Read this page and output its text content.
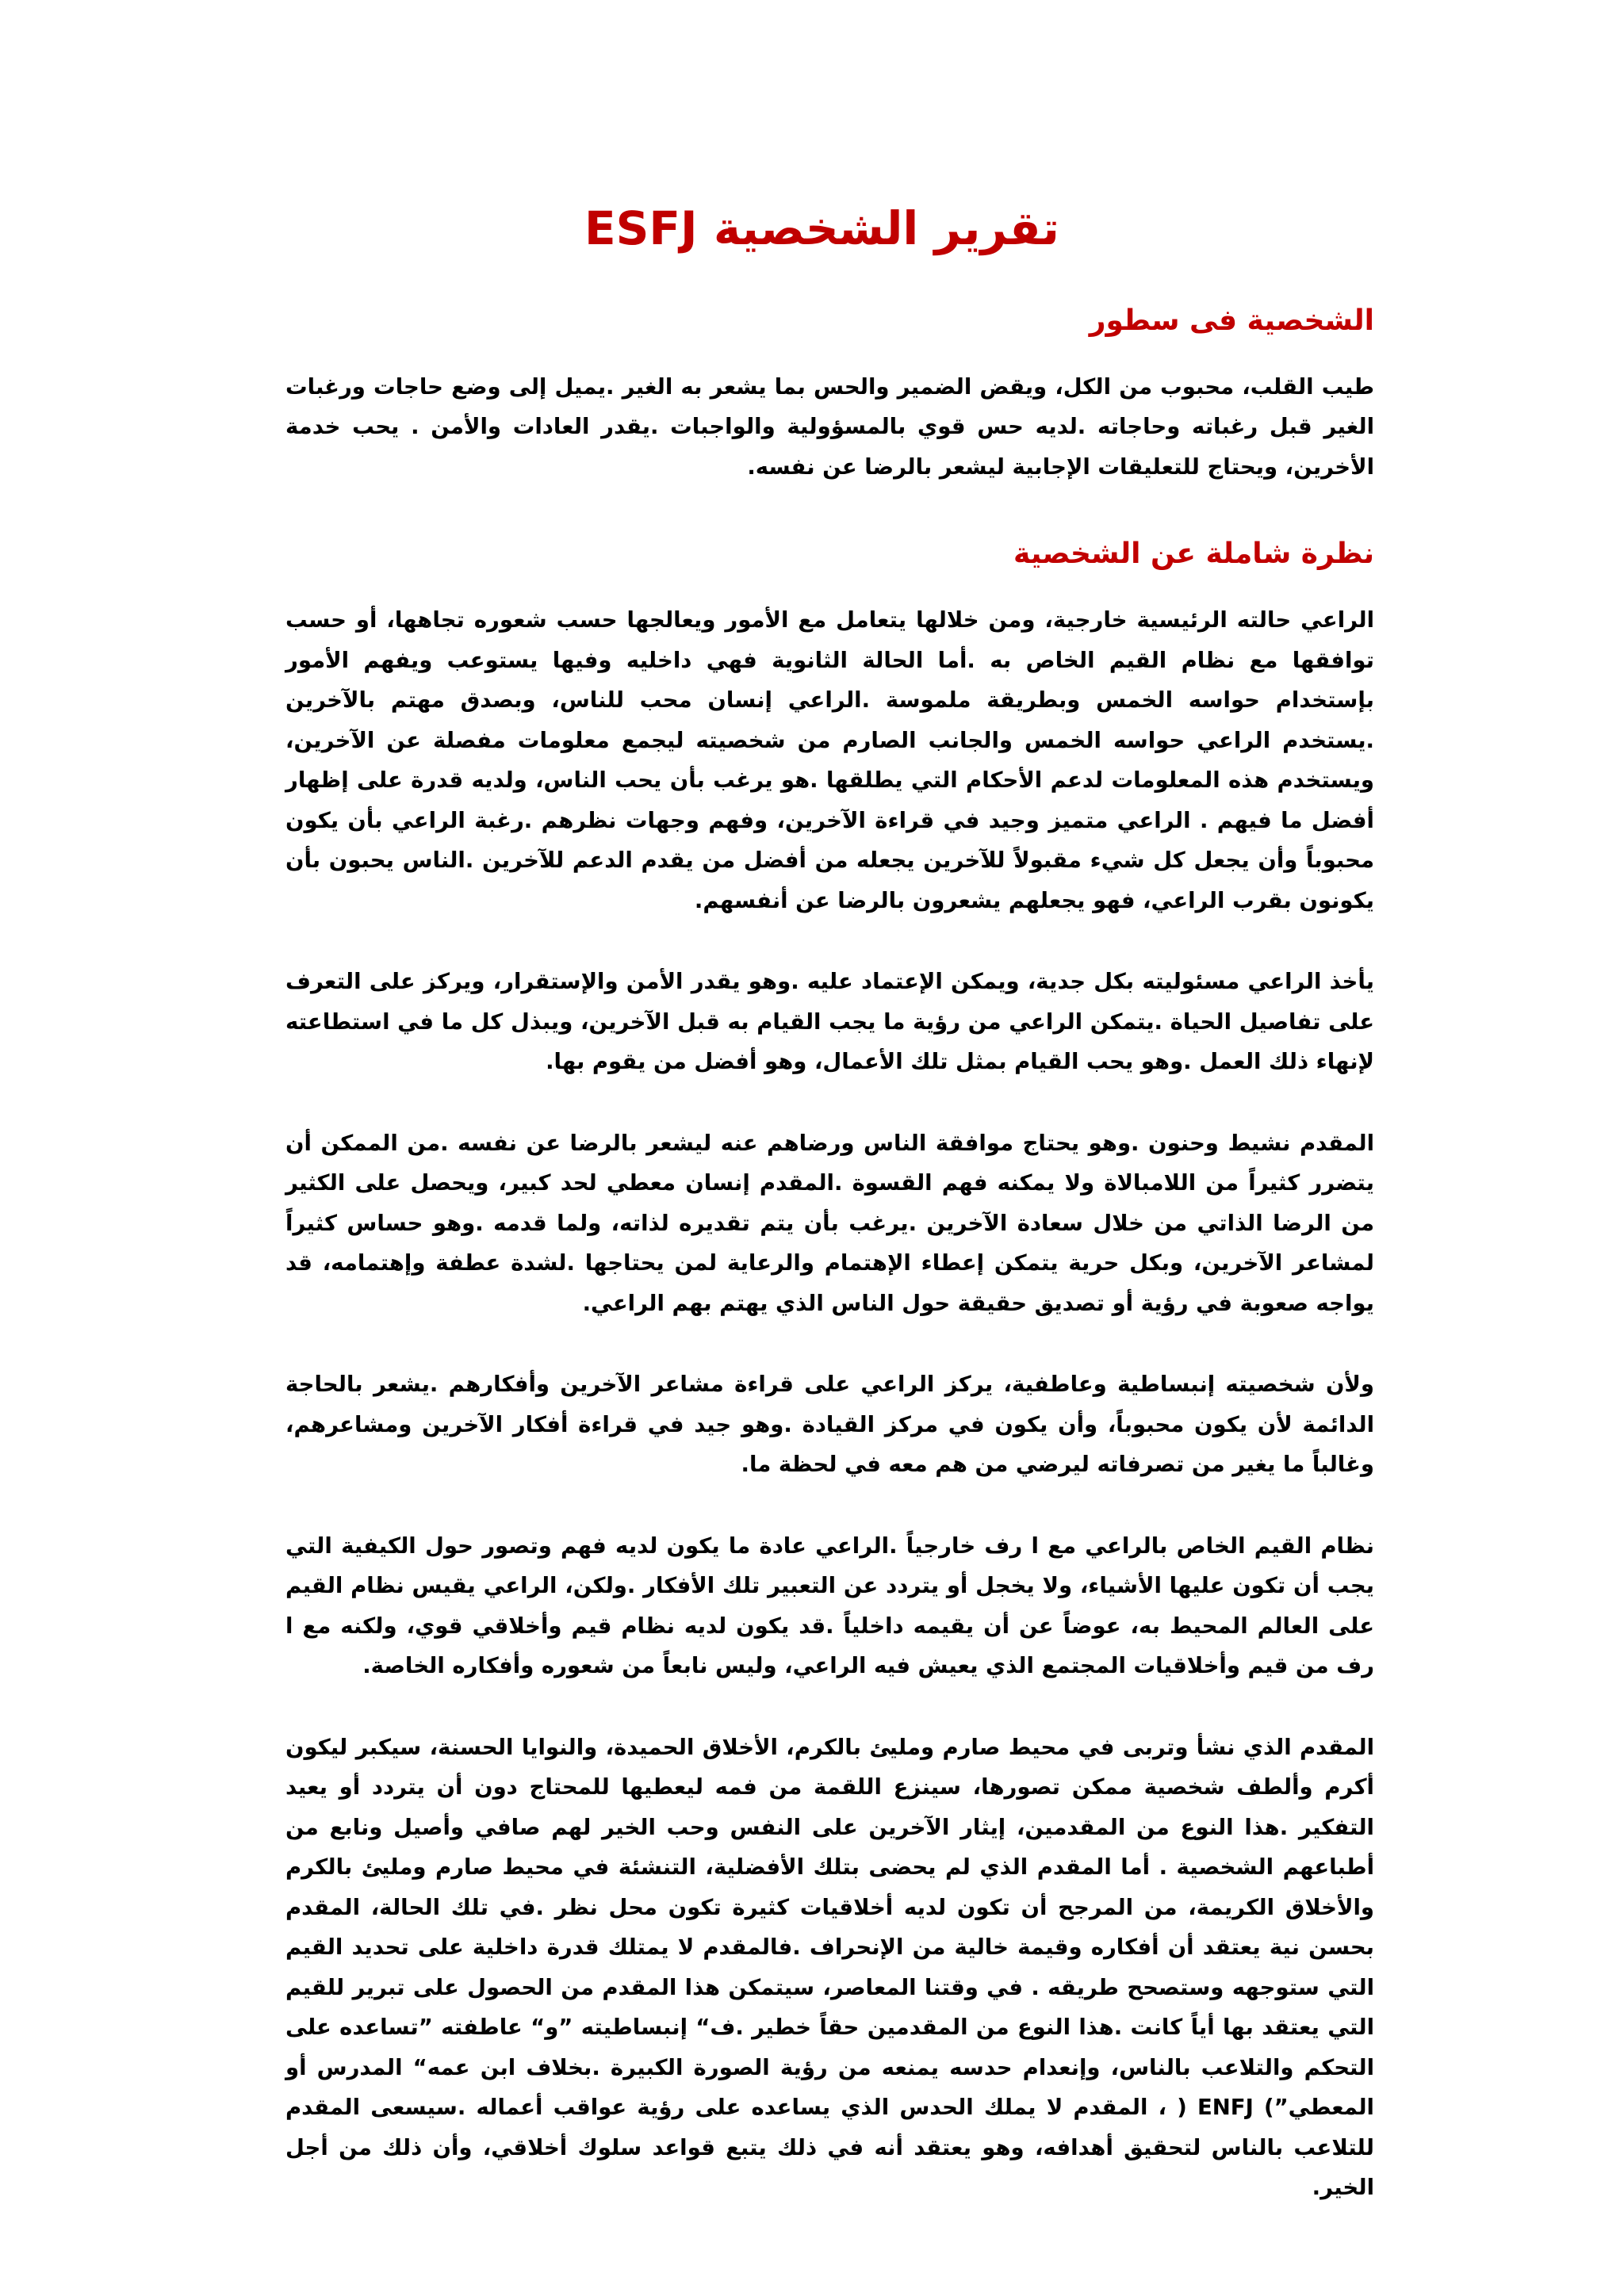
تقرير الشخصية ESFJ
الشخصية فى سطور

طيب القلب، محبوب من الكل، ويقض الضمير والحس بما يشعر به الغير .يميل إلى وضع حاجات ورغبات الغير قبل رغباته وحاجاته .لديه حس قوي بالمسؤولية والواجبات .يقدر العادات والأمن . يحب خدمة الأخرين، ويحتاج للتعليقات الإجابية ليشعر بالرضا عن نفسه.

نظرة شاملة عن الشخصية

الراعي حالته الرئيسية خارجية، ومن خلالها يتعامل مع الأمور ويعالجها حسب شعوره تجاهها، أو حسب توافقها مع نظام القيم الخاص به .أما الحالة الثانوية فهي داخليه وفيها يستوعب ويفهم الأمور بإستخدام حواسه الخمس وبطريقة ملموسة .الراعي إنسان محب للناس، وبصدق مهتم بالآخرين .يستخدم الراعي حواسه الخمس والجانب الصارم من شخصيته ليجمع معلومات مفصلة عن الآخرين، ويستخدم هذه المعلومات لدعم الأحكام التي يطلقها .هو يرغب بأن يحب الناس، ولديه قدرة على إظهار أفضل ما فيهم . الراعي متميز وجيد في قراءة الآخرين، وفهم وجهات نظرهم .رغبة الراعي بأن يكون محبوباً وأن يجعل كل شيء مقبولاً للآخرين يجعله من أفضل من يقدم الدعم للآخرين .الناس يحبون بأن يكونون بقرب الراعي، فهو يجعلهم يشعرون بالرضا عن أنفسهم.

يأخذ الراعي مسئوليته بكل جدية، ويمكن الإعتماد عليه .وهو يقدر الأمن والإستقرار، ويركز على التعرف على تفاصيل الحياة .يتمكن الراعي من رؤية ما يجب القيام به قبل الآخرين، ويبذل كل ما في استطاعته لإنهاء ذلك العمل .وهو يحب القيام بمثل تلك الأعمال، وهو أفضل من يقوم بها.

المقدم نشيط وحنون .وهو يحتاج موافقة الناس ورضاهم عنه ليشعر بالرضا عن نفسه .من الممكن أن يتضرر كثيراً من اللامبالاة ولا يمكنه فهم القسوة .المقدم إنسان معطي لحد كبير، ويحصل على الكثير من الرضا الذاتي من خلال سعادة الآخرين .يرغب بأن يتم تقديره لذاته، ولما قدمه .وهو حساس كثيراً لمشاعر الآخرين، وبكل حرية يتمكن إعطاء الإهتمام والرعاية لمن يحتاجها .لشدة عطفة وإهتمامه، قد يواجه صعوبة في رؤية أو تصديق حقيقة حول الناس الذي يهتم بهم الراعي.

ولأن شخصيته إنبساطية وعاطفية، يركز الراعي على قراءة مشاعر الآخرين وأفكارهم .يشعر بالحاجة الدائمة لأن يكون محبوباً، وأن يكون في مركز القيادة .وهو جيد في قراءة أفكار الآخرين ومشاعرهم، وغالباً ما يغير من تصرفاته ليرضي من هم معه في لحظة ما.

نظام القيم الخاص بالراعي مع ا رف خارجياً .الراعي عادة ما يكون لديه فهم وتصور حول الكيفية التي يجب أن تكون عليها الأشياء، ولا يخجل أو يتردد عن التعبير تلك الأفكار .ولكن، الراعي يقيس نظام القيم على العالم المحيط به، عوضاً عن أن يقيمه داخلياً .قد يكون لديه نظام قيم وأخلاقي قوي، ولكنه مع ا رف من قيم وأخلاقيات المجتمع الذي يعيش فيه الراعي، وليس نابعاً من شعوره وأفكاره الخاصة.

المقدم الذي نشأ وتربى في محيط صارم ومليئ بالكرم، الأخلاق الحميدة، والنوايا الحسنة، سيكبر ليكون أكرم وألطف شخصية ممكن تصورها، سينزع اللقمة من فمه ليعطيها للمحتاج دون أن يتردد أو يعيد التفكير .هذا النوع من المقدمين، إيثار الآخرين على النفس وحب الخير لهم صافي وأصيل ونابع من أطباعهم الشخصية . أما المقدم الذي لم يحضى بتلك الأفضلية، التنشئة في محيط صارم ومليئ بالكرم والأخلاق الكريمة، من المرجح أن تكون لديه أخلاقيات كثيرة تكون محل نظر .في تلك الحالة، المقدم بحسن نية يعتقد أن أفكاره وقيمة خالية من الإنحراف .فالمقدم لا يمتلك قدرة داخلية على تحديد القيم التي ستوجهه وستصحح طريقه . في وقتنا المعاصر، سيتمكن هذا المقدم من الحصول على تبرير للقيم التي يعتقد بها أياً كانت .هذا النوع من المقدمين حقاً خطير .ف“ إنبساطيته ”و“ عاطفته ”تساعده على التحكم والتلاعب بالناس، وإنعدام حدسه يمنعه من رؤية الصورة الكبيرة .بخلاف ابن عمه“ المدرس أو المعطي”) ENFJ ( ، المقدم لا يملك الحدس الذي يساعده على رؤية عواقب أعماله .سيسعى المقدم للتلاعب بالناس لتحقيق أهدافه، وهو يعتقد أنه في ذلك يتبع قواعد سلوك أخلاقي، وأن ذلك من أجل الخير.
